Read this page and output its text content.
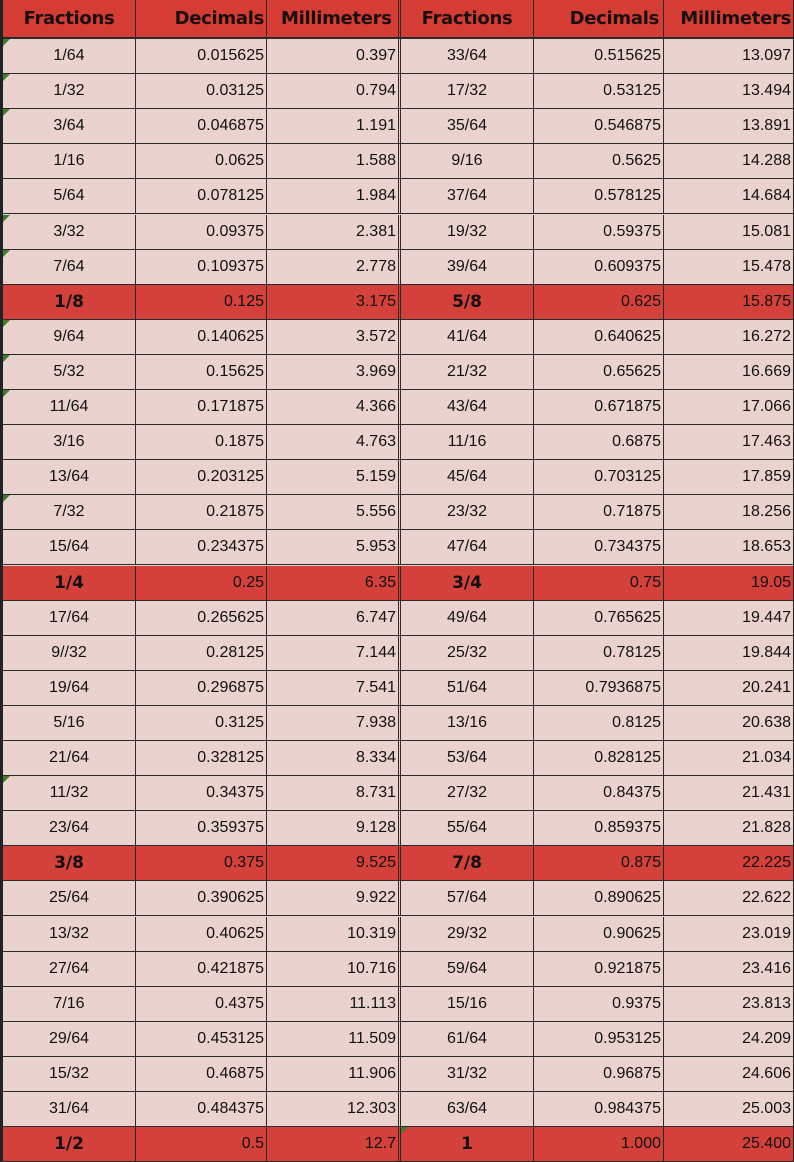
Fractions	Decimals Millimeters	Fractions	Decimals	Millimeters
1/64	0.015625	0.397	33/64	0.515625	13.097
1/32	0.03125	0.794	17/32	0.53125	13.494
3/64	0.046875	1.191	35/64	0.546875	13.891
1/16	0.0625	1.588	9/16	0.5625	14.288
5/64	0.078125	1.984	37/64	0.578125	14.684
3/32	0.09375	2.381	19/32	0.59375	15.081
7/64	0.109375	2.778	39/64	0.609375	15.478
1/8	0.125	3.175	5/8	0.625	15.875
9/64	0.140625	3.572	41/64	0.640625	16.272
5/32	0.15625	3.969	21/32	0.65625	16.669
11/64	0.171875	4.366	43/64	0.671875	17.066
3/16	0.1875	4.763	11/16	0.6875	17.463
13/64	0.203125	5.159	45/64	0.703125	17.859
7/32	0.21875	5.556	23/32	0.71875	18.256
15/64	0.234375	5.953	47/64	0.734375	18.653
1/4	0.25	6.35	3/4	0.75	19.05
17/64	0.265625	6.747	49/64	0.765625	19.447
9//32	0.28125	7.144	25/32	0.78125	19.844
19/64	0.296875	7.541	51/64	0.7936875	20.241
5/16	0.3125	7.938	13/16	0.8125	20.638
21/64	0.328125	8.334	53/64	0.828125	21.034
11/32	0.34375	8.731	27/32	0.84375	21.431
23/64	0.359375	9.128	55/64	0.859375	21.828
3/8	0.375	9.525	7/8	0.875	22.225
25/64	0.390625	9.922	57/64	0.890625	22.622
13/32	0.40625	10.319	29/32	0.90625	23.019
27/64	0.421875	10.716	59/64	0.921875	23.416
7/16	0.4375	11.113	15/16	0.9375	23.813
29/64	0.453125	11.509	61/64	0.953125	24.209
15/32	0.46875	11.906	31/32	0.96875	24.606
31/64	0.484375	12.303	63/64	0.984375	25.003
1/2	0.5	12.7	1	1.000	25.400
